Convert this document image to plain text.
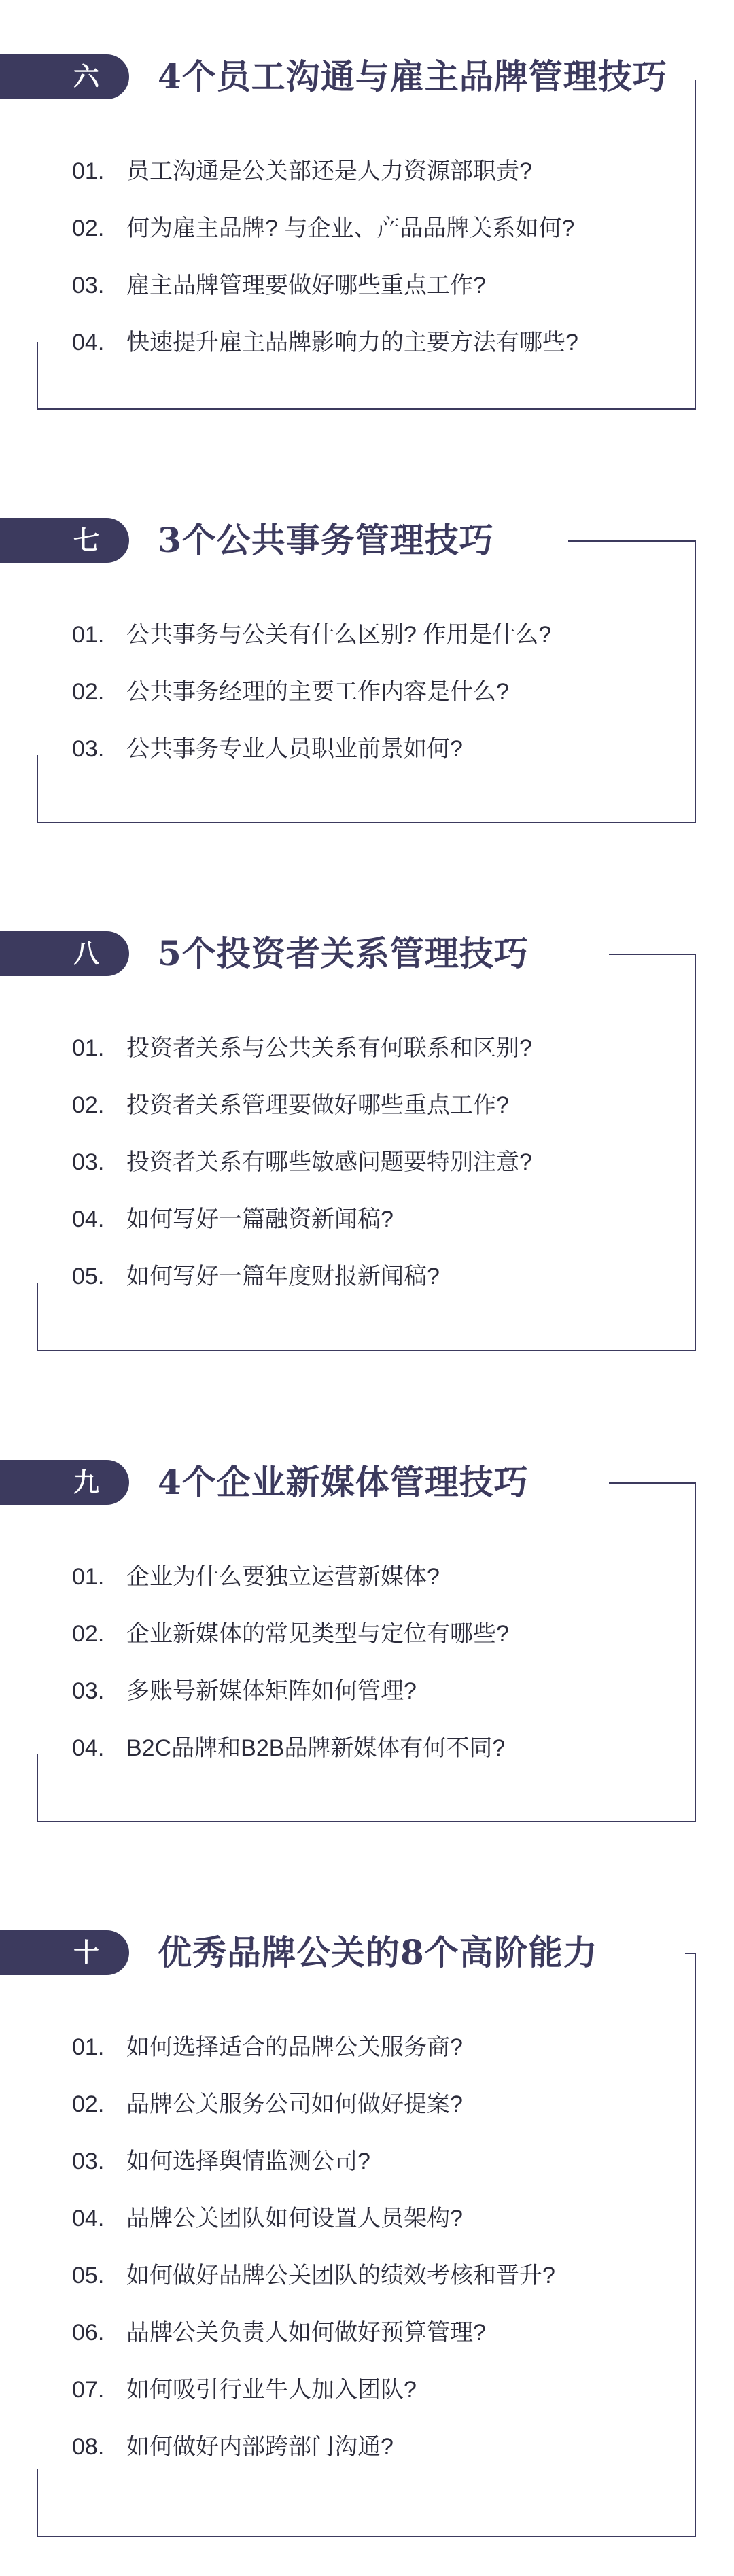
六	4个员工沟通与雇主品牌管理技巧
01. 员工沟通是公关部还是人力资源部职责?
02. 何为雇主品牌? 与企业、产品品牌关系如何?
03. 雇主品牌管理要做好哪些重点工作?
04. 快速提升雇主品牌影响力的主要方法有哪些?
七	3个公共事务管理技巧
01. 公共事务与公关有什么区别? 作用是什么?
02. 公共事务经理的主要工作内容是什么?
03. 公共事务专业人员职业前景如何?
八	5个投资者关系管理技巧
01. 投资者关系与公共关系有何联系和区别?
02. 投资者关系管理要做好哪些重点工作?
03. 投资者关系有哪些敏感问题要特别注意?
04. 如何写好一篇融资新闻稿?
05. 如何写好一篇年度财报新闻稿?
九	4个企业新媒体管理技巧
01. 企业为什么要独立运营新媒体?
02. 企业新媒体的常见类型与定位有哪些?
03. 多账号新媒体矩阵如何管理?
04. B2C品牌和B2B品牌新媒体有何不同?
十	优秀品牌公关的8个高阶能力
01. 如何选择适合的品牌公关服务商?
02. 品牌公关服务公司如何做好提案?
03. 如何选择舆情监测公司?
04. 品牌公关团队如何设置人员架构?
05. 如何做好品牌公关团队的绩效考核和晋升?
06. 品牌公关负责人如何做好预算管理?
07. 如何吸引行业牛人加入团队?
08. 如何做好内部跨部门沟通?
